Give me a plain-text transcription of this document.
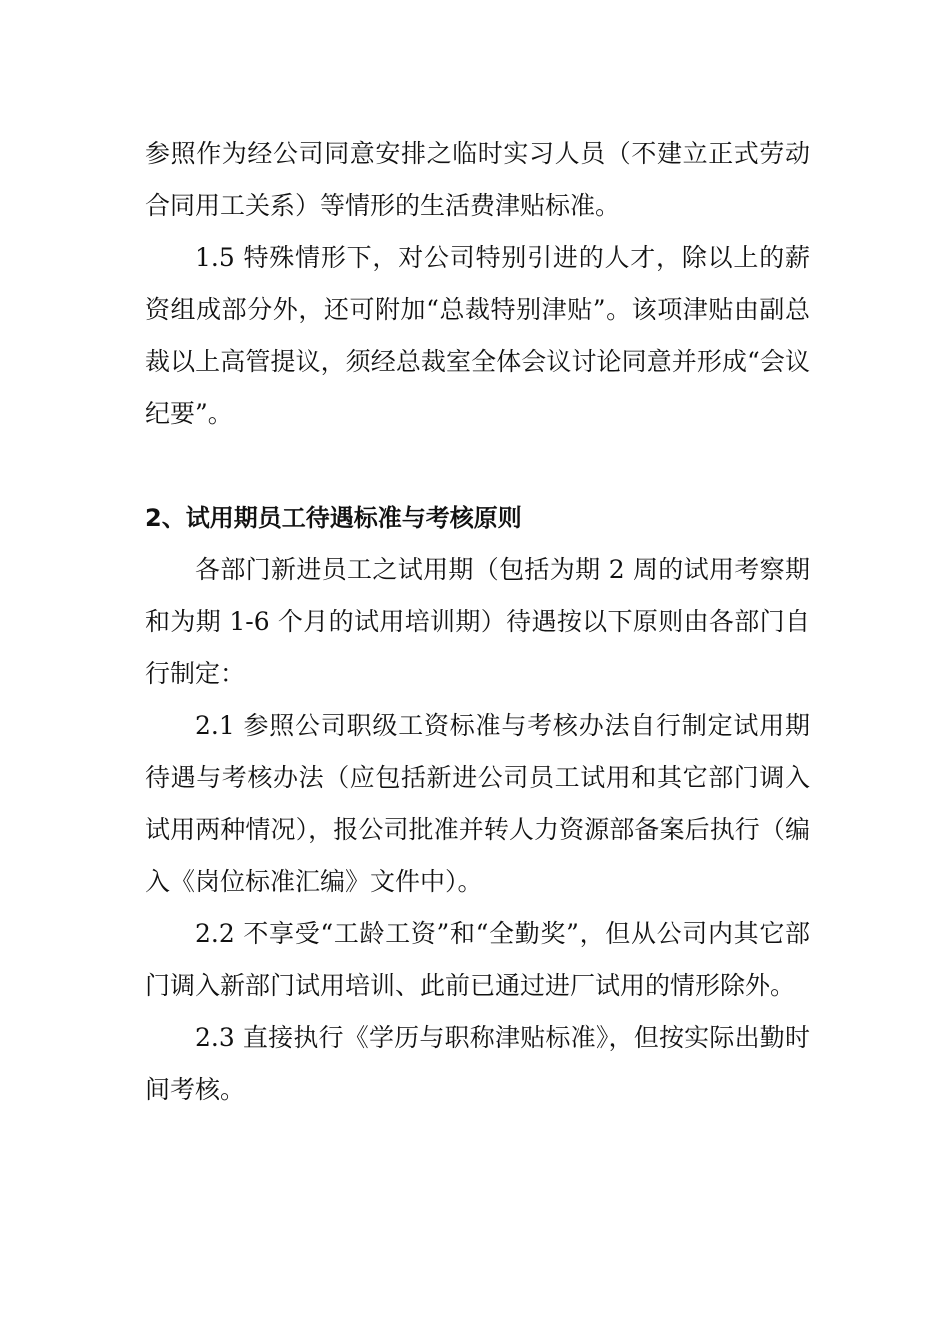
参照作为经公司同意安排之临时实习人员（不建立正式劳动合同用工关系）等情形的生活费津贴标准。

1.5 特殊情形下，对公司特别引进的人才，除以上的薪资组成部分外，还可附加“总裁特别津贴”。该项津贴由副总裁以上高管提议，须经总裁室全体会议讨论同意并形成“会议纪要”。

2、试用期员工待遇标准与考核原则

各部门新进员工之试用期（包括为期 2 周的试用考察期和为期 1-6 个月的试用培训期）待遇按以下原则由各部门自行制定：

2.1 参照公司职级工资标准与考核办法自行制定试用期待遇与考核办法（应包括新进公司员工试用和其它部门调入试用两种情况），报公司批准并转人力资源部备案后执行（编入《岗位标准汇编》文件中）。

2.2 不享受“工龄工资”和“全勤奖”，但从公司内其它部门调入新部门试用培训、此前已通过进厂试用的情形除外。

2.3 直接执行《学历与职称津贴标准》，但按实际出勤时间考核。
